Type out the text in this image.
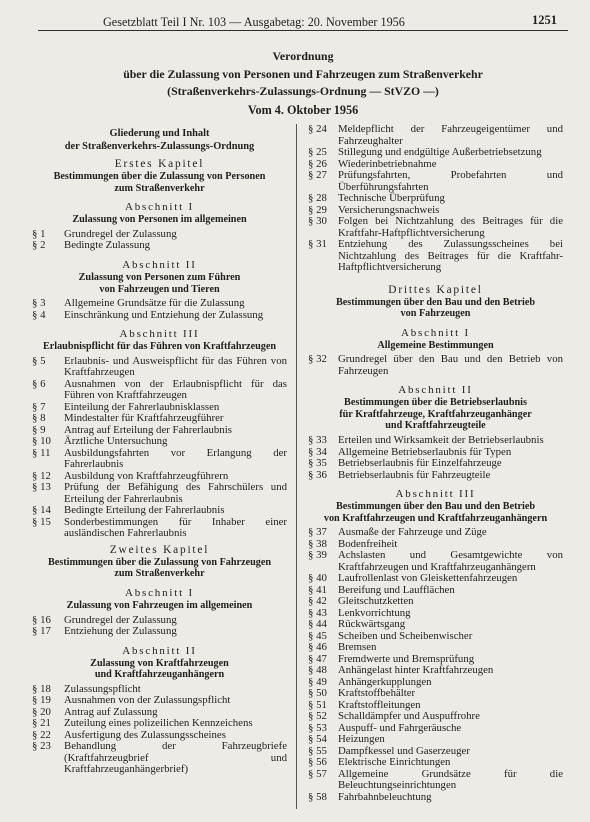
Gesetzblatt Teil I Nr. 103 — Ausgabetag: 20. November 1956	1251
Verordnung
über die Zulassung von Personen und Fahrzeugen zum Straßenverkehr
(Straßenverkehrs-Zulassungs-Ordnung — StVZO —)
Vom 4. Oktober 1956
Gliederung und Inhalt
der Straßenverkehrs-Zulassungs-Ordnung
Erstes Kapitel
Bestimmungen über die Zulassung von Personen
zum Straßenverkehr
Abschnitt I
Zulassung von Personen im allgemeinen
§ 1	Grundregel der Zulassung
§ 2	Bedingte Zulassung
Abschnitt II
Zulassung von Personen zum Führen
von Fahrzeugen und Tieren
§ 3	Allgemeine Grundsätze für die Zulassung
§ 4	Einschränkung und Entziehung der Zulassung
Abschnitt III
Erlaubnispflicht für das Führen von Kraftfahrzeugen
§ 5	Erlaubnis- und Ausweispflicht für das Führen von Kraftfahrzeugen
§ 6	Ausnahmen von der Erlaubnispflicht für das Führen von Kraftfahrzeugen
§ 7	Einteilung der Fahrerlaubnisklassen
§ 8	Mindestalter für Kraftfahrzeugführer
§ 9	Antrag auf Erteilung der Fahrerlaubnis
§ 10	Ärztliche Untersuchung
§ 11	Ausbildungsfahrten vor Erlangung der Fahrerlaubnis
§ 12	Ausbildung von Kraftfahrzeugführern
§ 13	Prüfung der Befähigung des Fahrschülers und Erteilung der Fahrerlaubnis
§ 14	Bedingte Erteilung der Fahrerlaubnis
§ 15	Sonderbestimmungen für Inhaber einer ausländischen Fahrerlaubnis
Zweites Kapitel
Bestimmungen über die Zulassung von Fahrzeugen
zum Straßenverkehr
Abschnitt I
Zulassung von Fahrzeugen im allgemeinen
§ 16	Grundregel der Zulassung
§ 17	Entziehung der Zulassung
Abschnitt II
Zulassung von Kraftfahrzeugen
und Kraftfahrzeuganhängern
§ 18	Zulassungspflicht
§ 19	Ausnahmen von der Zulassungspflicht
§ 20	Antrag auf Zulassung
§ 21	Zuteilung eines polizeilichen Kennzeichens
§ 22	Ausfertigung des Zulassungsscheines
§ 23	Behandlung der Fahrzeugbriefe (Kraftfahrzeugbrief und Kraftfahrzeuganhängerbrief)
§ 24	Meldepflicht der Fahrzeugeigentümer und Fahrzeughalter
§ 25	Stillegung und endgültige Außerbetriebsetzung
§ 26	Wiederinbetriebnahme
§ 27	Prüfungsfahrten, Probefahrten und Überführungsfahrten
§ 28	Technische Überprüfung
§ 29	Versicherungsnachweis
§ 30	Folgen bei Nichtzahlung des Beitrages für die Kraftfahr-Haftpflichtversicherung
§ 31	Entziehung des Zulassungsscheines bei Nichtzahlung des Beitrages für die Kraftfahr-Haftpflichtversicherung
Drittes Kapitel
Bestimmungen über den Bau und den Betrieb
von Fahrzeugen
Abschnitt I
Allgemeine Bestimmungen
§ 32	Grundregel über den Bau und den Betrieb von Fahrzeugen
Abschnitt II
Bestimmungen über die Betriebserlaubnis
für Kraftfahrzeuge, Kraftfahrzeuganhänger
und Kraftfahrzeugteile
§ 33	Erteilen und Wirksamkeit der Betriebserlaubnis
§ 34	Allgemeine Betriebserlaubnis für Typen
§ 35	Betriebserlaubnis für Einzelfahrzeuge
§ 36	Betriebserlaubnis für Fahrzeugteile
Abschnitt III
Bestimmungen über den Bau und den Betrieb
von Kraftfahrzeugen und Kraftfahrzeuganhängern
§ 37	Ausmaße der Fahrzeuge und Züge
§ 38	Bodenfreiheit
§ 39	Achslasten und Gesamtgewichte von Kraftfahrzeugen und Kraftfahrzeuganhängern
§ 40	Laufrollenlast von Gleiskettenfahrzeugen
§ 41	Bereifung und Laufflächen
§ 42	Gleitschutzketten
§ 43	Lenkvorrichtung
§ 44	Rückwärtsgang
§ 45	Scheiben und Scheibenwischer
§ 46	Bremsen
§ 47	Fremdwerte und Bremsprüfung
§ 48	Anhängelast hinter Kraftfahrzeugen
§ 49	Anhängerkupplungen
§ 50	Kraftstoffbehälter
§ 51	Kraftstoffleitungen
§ 52	Schalldämpfer und Auspuffrohre
§ 53	Auspuff- und Fahrgeräusche
§ 54	Heizungen
§ 55	Dampfkessel und Gaserzeuger
§ 56	Elektrische Einrichtungen
§ 57	Allgemeine Grundsätze für die Beleuchtungseinrichtungen
§ 58	Fahrbahnbeleuchtung
